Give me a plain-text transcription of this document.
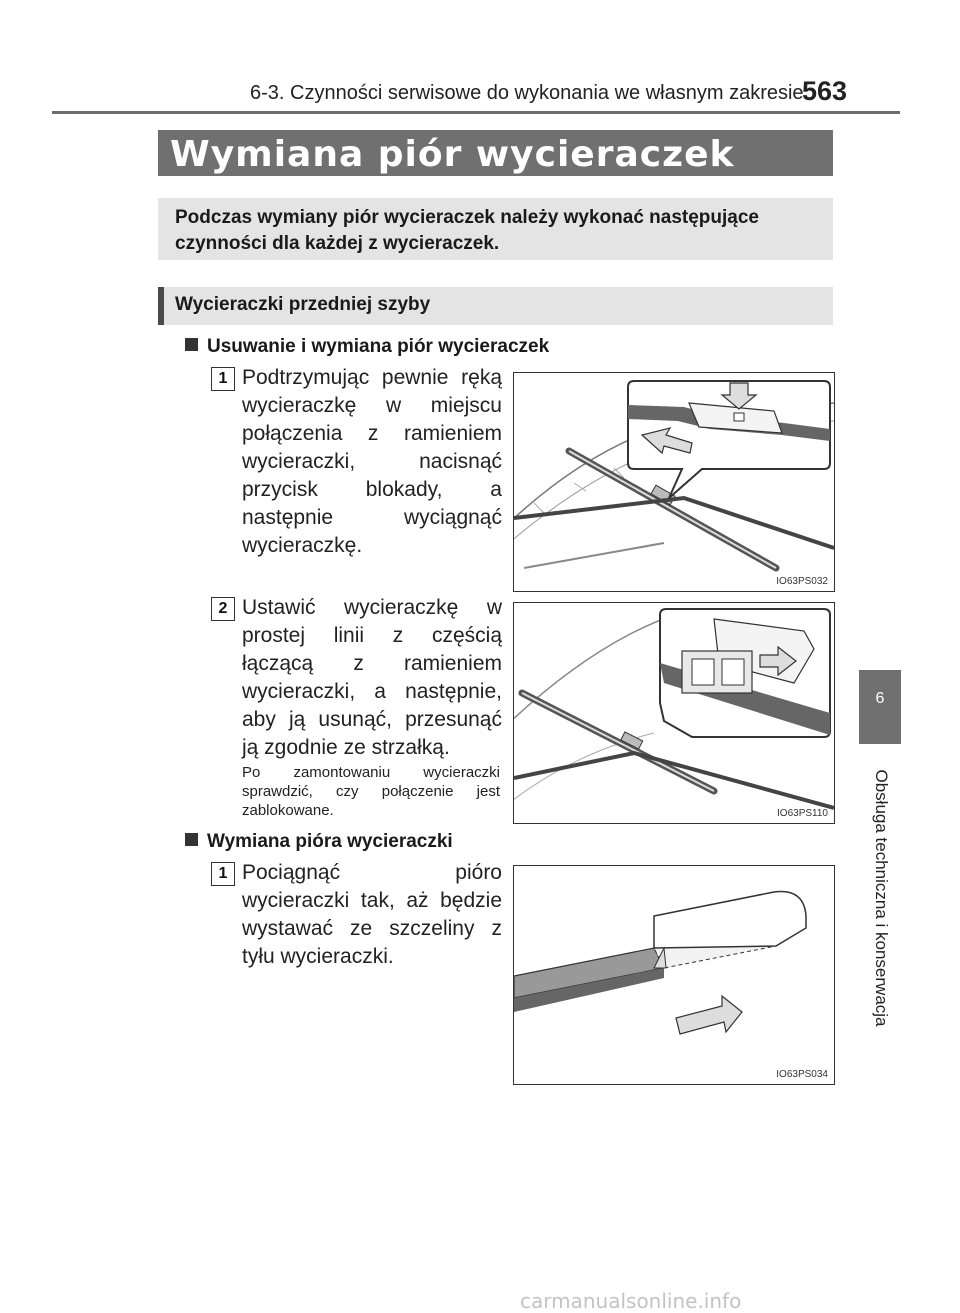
6-3. Czynności serwisowe do wykonania we własnym zakresie
563
Wymiana piór wycieraczek
Podczas wymiany piór wycieraczek należy wykonać następujące czynności dla każdej z wycieraczek.
Wycieraczki przedniej szyby
Usuwanie i wymiana piór wycieraczek
1 Podtrzymując pewnie ręką wycieraczkę w miejscu połączenia z ramieniem wycieraczki, nacisnąć przycisk blokady, a następnie wyciągnąć wycieraczkę.
IO63PS032
2 Ustawić wycieraczkę w prostej linii z częścią łączącą z ramieniem wycieraczki, a następnie, aby ją usunąć, przesunąć ją zgodnie ze strzałką.
Po zamontowaniu wycieraczki sprawdzić, czy połączenie jest zablokowane.	IO63PS110
Wymiana pióra wycieraczki
1 Pociągnąć pióro wycieraczki tak, aż będzie wystawać ze szczeliny z tyłu wycieraczki.
IO63PS034
6
Obsługa techniczna i konserwacja
carmanualsonline.info
